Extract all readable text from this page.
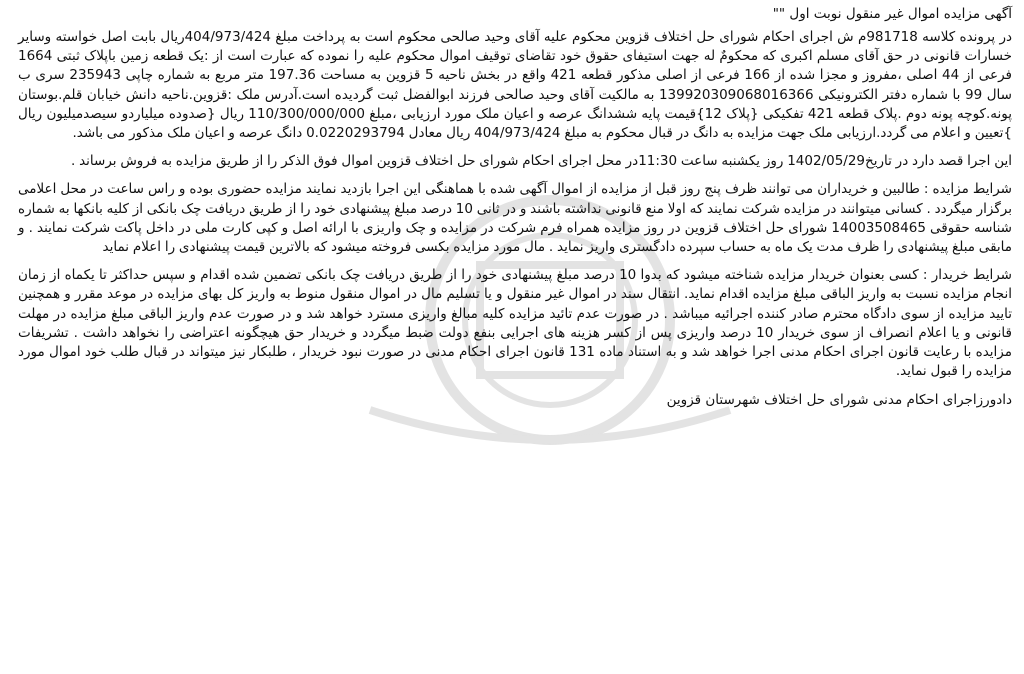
آگهی مزایده اموال غیر منقول نوبت اول ""

در پرونده کلاسه 981718م ش اجرای احکام شورای حل اختلاف قزوین محکوم علیه آقای وحید صالحی محکوم است به پرداخت مبلغ 404/973/424ریال بابت اصل خواسته وسایر خسارات قانونی در حق آقای مسلم اکبری که محکومٌ له جهت استیفای حقوق خود تقاضای توقیف اموال محکوم علیه را نموده که عبارت است از :یک قطعه زمین باپلاک ثبتی 1664 فرعی از 44 اصلی ،مفروز و مجزا شده از 166 فرعی از اصلی مذکور قطعه 421 واقع در بخش ناحیه 5 قزوین به مساحت 197.36 متر مربع به شماره چاپی 235943 سری ب سال 99 با شماره دفتر الکترونیکی 139920309068016366 به مالکیت آقای وحید صالحی فرزند ابوالفضل ثبت گردیده است.آدرس ملک :قزوین.ناحیه دانش خیابان قلم.بوستان پونه.کوچه پونه دوم .پلاک قطعه 421 تفکیکی {پلاک 12}قیمت پایه ششدانگ عرصه و اعیان ملک مورد ارزیابی ،مبلغ 110/300/000/000 ریال {صدوده میلیاردو سیصدمیلیون ریال }تعیین و اعلام می گردد.ارزیابی ملک جهت مزایده به دانگ در قبال محکوم به مبلغ 404/973/424 ریال معادل 0.0220293794 دانگ عرصه و اعیان ملک مذکور می باشد.

این اجرا قصد دارد در تاریخ1402/05/29 روز یکشنبه ساعت 11:30در محل اجرای احکام شورای حل اختلاف قزوین اموال فوق الذکر را از طریق مزایده به فروش برساند .

شرایط مزایده : طالبین و خریداران می توانند ظرف پنج روز قبل از مزایده از اموال آگهی شده با هماهنگی این اجرا بازدید نمایند مزایده حضوری بوده و راس ساعت در محل اعلامی برگزار میگردد . کسانی میتوانند در مزایده شرکت نمایند که اولا منع قانونی نداشته باشند و در ثانی 10 درصد مبلغ پیشنهادی خود را از طریق دریافت چک بانکی از کلیه بانکها به شماره شناسه حقوقی 14003508465 شورای حل اختلاف قزوین در روز مزایده همراه فرم شرکت در مزایده و چک واریزی با ارائه اصل و کپی کارت ملی در داخل پاکت شرکت نمایند . و مابقی مبلغ پیشنهادی را ظرف مدت یک ماه به حساب سپرده دادگستری واریز نماید . مال مورد مزایده بکسی فروخته میشود که بالاترین قیمت پیشنهادی را اعلام نماید

شرایط خریدار : کسی بعنوان خریدار مزایده شناخته میشود که بدوا 10 درصد مبلغ پیشنهادی خود را از طریق دریافت چک بانکی تضمین شده اقدام و سپس حداکثر تا یکماه از زمان انجام مزایده نسبت به واریز الباقی مبلغ مزایده اقدام نماید. انتقال سند در اموال غیر منقول و یا تسلیم مال در اموال منقول منوط به واریز کل بهای مزایده در موعد مقرر و همچنین تایید مزایده از سوی دادگاه محترم صادر کننده اجرائیه میباشد . در صورت عدم تائید مزایده کلیه مبالغ واریزی مسترد خواهد شد و در صورت عدم واریز الباقی مبلغ مزایده در مهلت قانونی و یا اعلام انصراف از سوی خریدار 10 درصد واریزی پس از کسر هزینه های اجرایی بنفع دولت ضبط میگردد و خریدار حق هیچگونه اعتراضی را نخواهد داشت . تشریفات مزایده با رعایت قانون اجرای احکام مدنی اجرا خواهد شد و به استناد ماده 131 قانون اجرای احکام مدنی در صورت نبود خریدار ، طلبکار نیز میتواند در قبال طلب خود اموال مورد مزایده را قبول نماید.

دادورزاجرای احکام مدنی شورای حل اختلاف شهرستان قزوین
